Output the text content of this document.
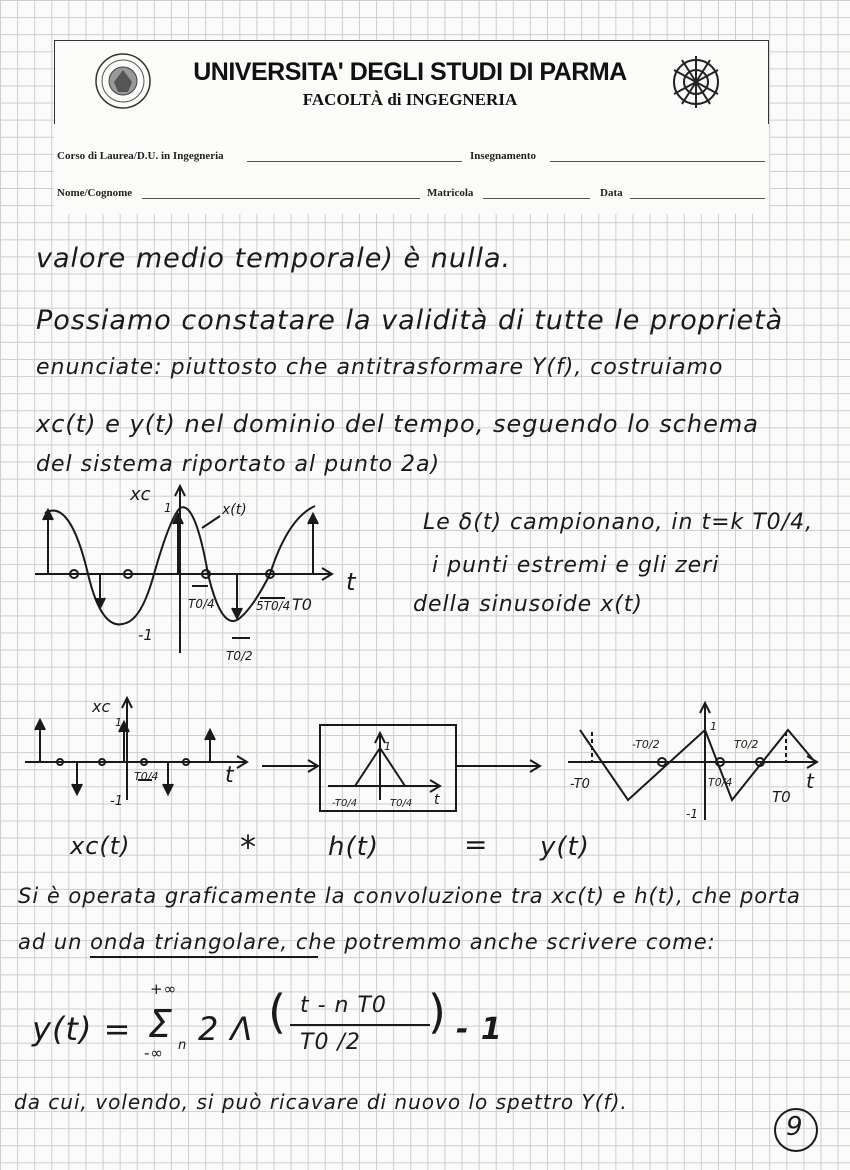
UNIVERSITA' DEGLI STUDI DI PARMA
FACOLTÀ di INGEGNERIA
Corso di Laurea/D.U. in Ingegneria	Insegnamento
Nome/Cognome	Matricola	Data
valore medio temporale) è nulla.
Possiamo constatare la validità di tutte le proprietà
enunciate: piuttosto che antitrasformare Y(f), costruiamo
xc(t) e y(t) nel dominio del tempo, seguendo lo schema
del sistema riportato al punto 2a)
xc
x(t)
t
1
-1
T0/4
T0/2
5T0/4 T0
Le δ(t) campionano, in t=k T0/4,
i punti estremi e gli zeri
della sinusoide x(t)
xc
1
-1
T0/4	t
1
-T0/4	T0/4 t
1
-1
-T0
-T0/2	T0/2
T0/4
T0
t
xc(t)	*	h(t)	= y(t)
Si è operata graficamente la convoluzione tra xc(t) e h(t), che porta
ad un onda triangolare, che potremmo anche scrivere come:
y(t) =
+∞
Σ n
-∞
2 Λ ( t - n T0
T0 /2
) - 1
da cui, volendo, si può ricavare di nuovo lo spettro Y(f).
9
